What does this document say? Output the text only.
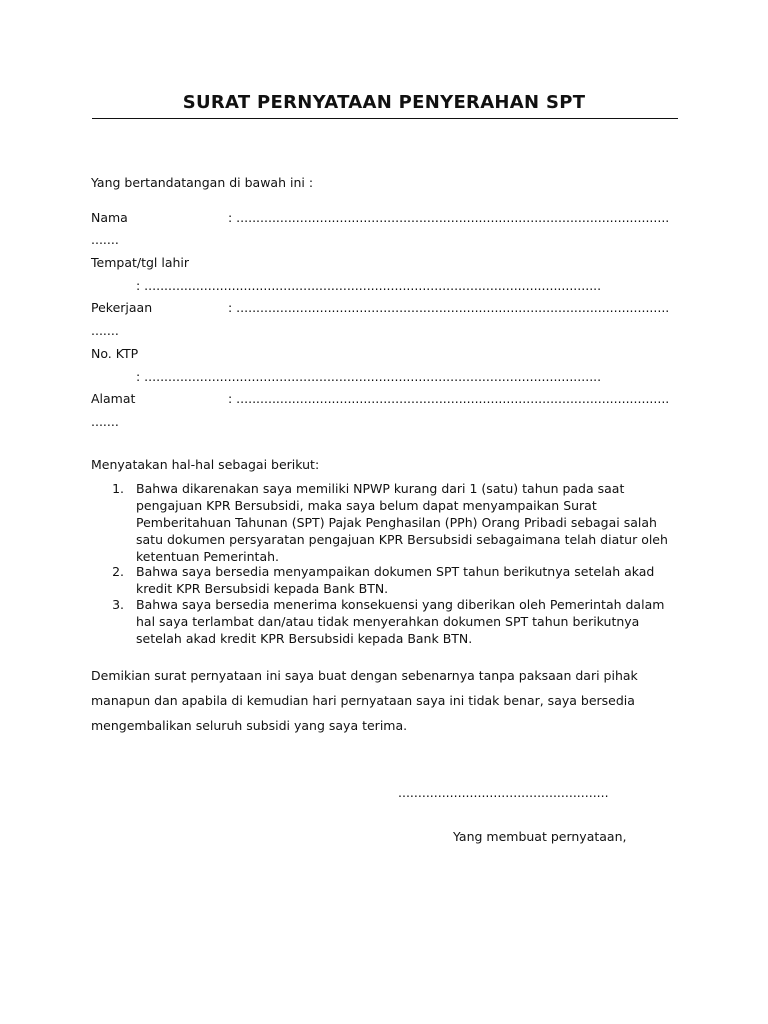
SURAT PERNYATAAN PENYERAHAN SPT
Yang bertandatangan di bawah ini :
Nama	: .............................................................................................................
.......
Tempat/tgl lahir
: ...................................................................................................................
Pekerjaan	: .............................................................................................................
.......
No. KTP
: ...................................................................................................................
Alamat	: .............................................................................................................
.......
Menyatakan hal-hal sebagai berikut:
1. Bahwa dikarenakan saya memiliki NPWP kurang dari 1 (satu) tahun pada saat
pengajuan KPR Bersubsidi, maka saya belum dapat menyampaikan Surat
Pemberitahuan Tahunan (SPT) Pajak Penghasilan (PPh) Orang Pribadi sebagai salah
satu dokumen persyaratan pengajuan KPR Bersubsidi sebagaimana telah diatur oleh
ketentuan Pemerintah.
2. Bahwa saya bersedia menyampaikan dokumen SPT tahun berikutnya setelah akad
kredit KPR Bersubsidi kepada Bank BTN.
3. Bahwa saya bersedia menerima konsekuensi yang diberikan oleh Pemerintah dalam
hal saya terlambat dan/atau tidak menyerahkan dokumen SPT tahun berikutnya
setelah akad kredit KPR Bersubsidi kepada Bank BTN.
Demikian surat pernyataan ini saya buat dengan sebenarnya tanpa paksaan dari pihak
manapun dan apabila di kemudian hari pernyataan saya ini tidak benar, saya bersedia
mengembalikan seluruh subsidi yang saya terima.
.....................................................
Yang membuat pernyataan,
